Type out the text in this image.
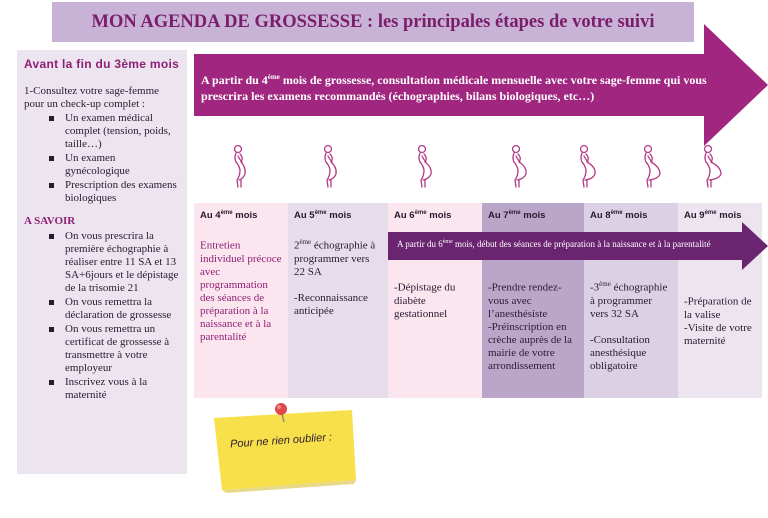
MON AGENDA DE GROSSESSE : les principales étapes de votre suivi
Avant la fin du 3ème mois
1-Consultez votre sage-femme pour un check-up complet :
Un examen médical complet (tension, poids, taille…)
Un examen gynécologique
Prescription des examens biologiques
A SAVOIR
On vous prescrira la première échographie à réaliser entre 11 SA et 13 SA+6jours et le dépistage de la trisomie 21
On vous remettra la déclaration de grossesse
On vous remettra un certificat de grossesse à transmettre à votre employeur
Inscrivez vous à la maternité
A partir du 4ème mois de grossesse, consultation médicale mensuelle avec votre sage-femme qui vous prescrira les examens recommandés (échographies, bilans biologiques, etc…)
Au 4ème mois
Entretien individuel précoce avec programmation des séances de préparation à la naissance et à la parentalité
Au 5ème mois
2ème échographie à programmer vers 22 SA

-Reconnaissance anticipée
Au 6ème mois
-Dépistage du diabète gestationnel
Au 7ème mois
-Prendre rendez-vous avec l’anesthésiste
-Préinscription en crèche auprès de la mairie de votre arrondissement
Au 8ème mois
-3ème échographie à programmer vers 32 SA

-Consultation anesthésique obligatoire
Au 9ème mois
-Préparation de la valise
-Visite de votre maternité
A partir du 6ème mois, début des séances de préparation à la naissance et à la parentalité
Pour ne rien oublier :
